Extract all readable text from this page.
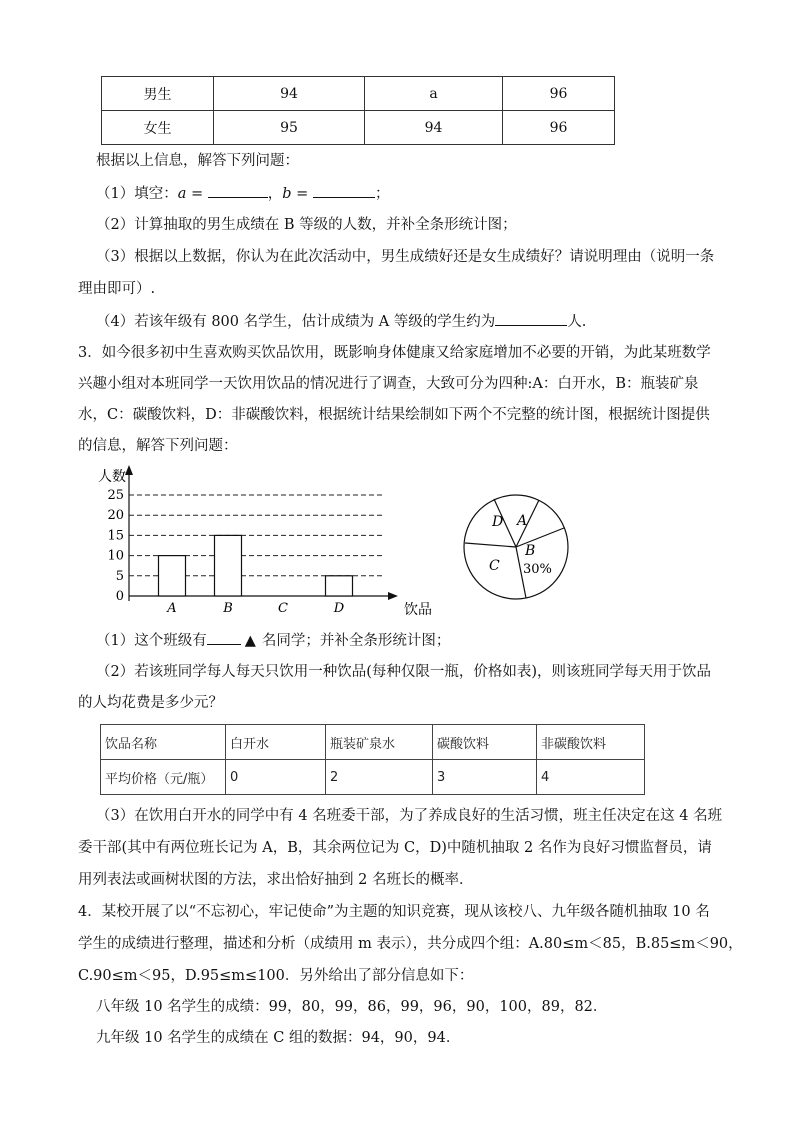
男生	94	a	96
女生	95	94	96
根据以上信息，解答下列问题：
（1）填空：a =	，b =	；
（2）计算抽取的男生成绩在 B 等级的人数，并补全条形统计图；
（3）根据以上数据，你认为在此次活动中，男生成绩好还是女生成绩好？请说明理由（说明一条
理由即可）.
（4）若该年级有 800 名学生，估计成绩为 A 等级的学生约为	人.
3．如今很多初中生喜欢购买饮品饮用，既影响身体健康又给家庭增加不必要的开销，为此某班数学
兴趣小组对本班同学一天饮用饮品的情况进行了调查，大致可分为四种:A：白开水，B：瓶装矿泉
水，C：碳酸饮料，D：非碳酸饮料，根据统计结果绘制如下两个不完整的统计图，根据统计图提供
的信息，解答下列问题：
人数
饮品
0
5
10
15
20
25
A	B	C	D
D A
B
30%
C
（1）这个班级有	▲ 名同学；并补全条形统计图；
（2）若该班同学每人每天只饮用一种饮品(每种仅限一瓶，价格如表)，则该班同学每天用于饮品
的人均花费是多少元？
饮品名称	白开水	瓶装矿泉水	碳酸饮料	非碳酸饮料
平均价格（元/瓶）	0	2	3	4
（3）在饮用白开水的同学中有 4 名班委干部，为了养成良好的生活习惯，班主任决定在这 4 名班
委干部(其中有两位班长记为 A，B，其余两位记为 C，D)中随机抽取 2 名作为良好习惯监督员，请
用列表法或画树状图的方法，求出恰好抽到 2 名班长的概率．
4．某校开展了以“不忘初心，牢记使命”为主题的知识竞赛，现从该校八、九年级各随机抽取 10 名
学生的成绩进行整理，描述和分析（成绩用 m 表示），共分成四个组：A.80≤m＜85，B.85≤m＜90，
C.90≤m＜95，D.95≤m≤100．另外给出了部分信息如下：
八年级 10 名学生的成绩：99，80，99，86，99，96，90，100，89，82．
九年级 10 名学生的成绩在 C 组的数据：94，90，94．
